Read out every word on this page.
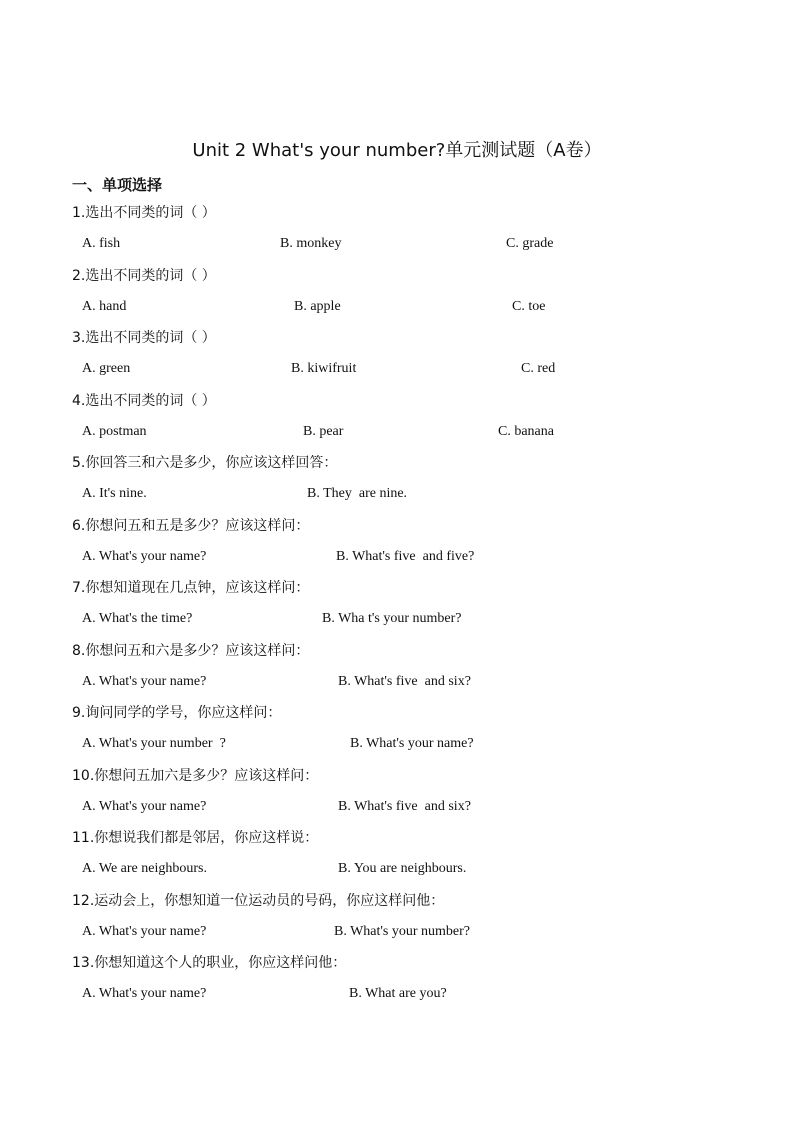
Unit 2 What's your number?单元测试题（A卷）
一、单项选择
1.选出不同类的词（ ）
A. fish	B. monkey	C. grade
2.选出不同类的词（ ）
A. hand	B. apple	C. toe
3.选出不同类的词（ ）
A. green	B. kiwifruit	C. red
4.选出不同类的词（ ）
A. postman	B. pear	C. banana
5.你回答三和六是多少，你应该这样回答：
A. It's nine.	B. They  are nine.
6.你想问五和五是多少？应该这样问：
A. What's your name?	B. What's five  and five?
7.你想知道现在几点钟，应该这样问：
A. What's the time?	B. Wha t's your number?
8.你想问五和六是多少？应该这样问：
A. What's your name?	B. What's five  and six?
9.询问同学的学号，你应这样问：
A. What's your number  ?	B. What's your name?
10.你想问五加六是多少？应该这样问：
A. What's your name?	B. What's five  and six?
11.你想说我们都是邻居，你应这样说：
A. We are neighbours.	B. You are neighbours.
12.运动会上，你想知道一位运动员的号码，你应这样问他：
A. What's your name?	B. What's your number?
13.你想知道这个人的职业，你应这样问他：
A. What's your name?	B. What are you?
